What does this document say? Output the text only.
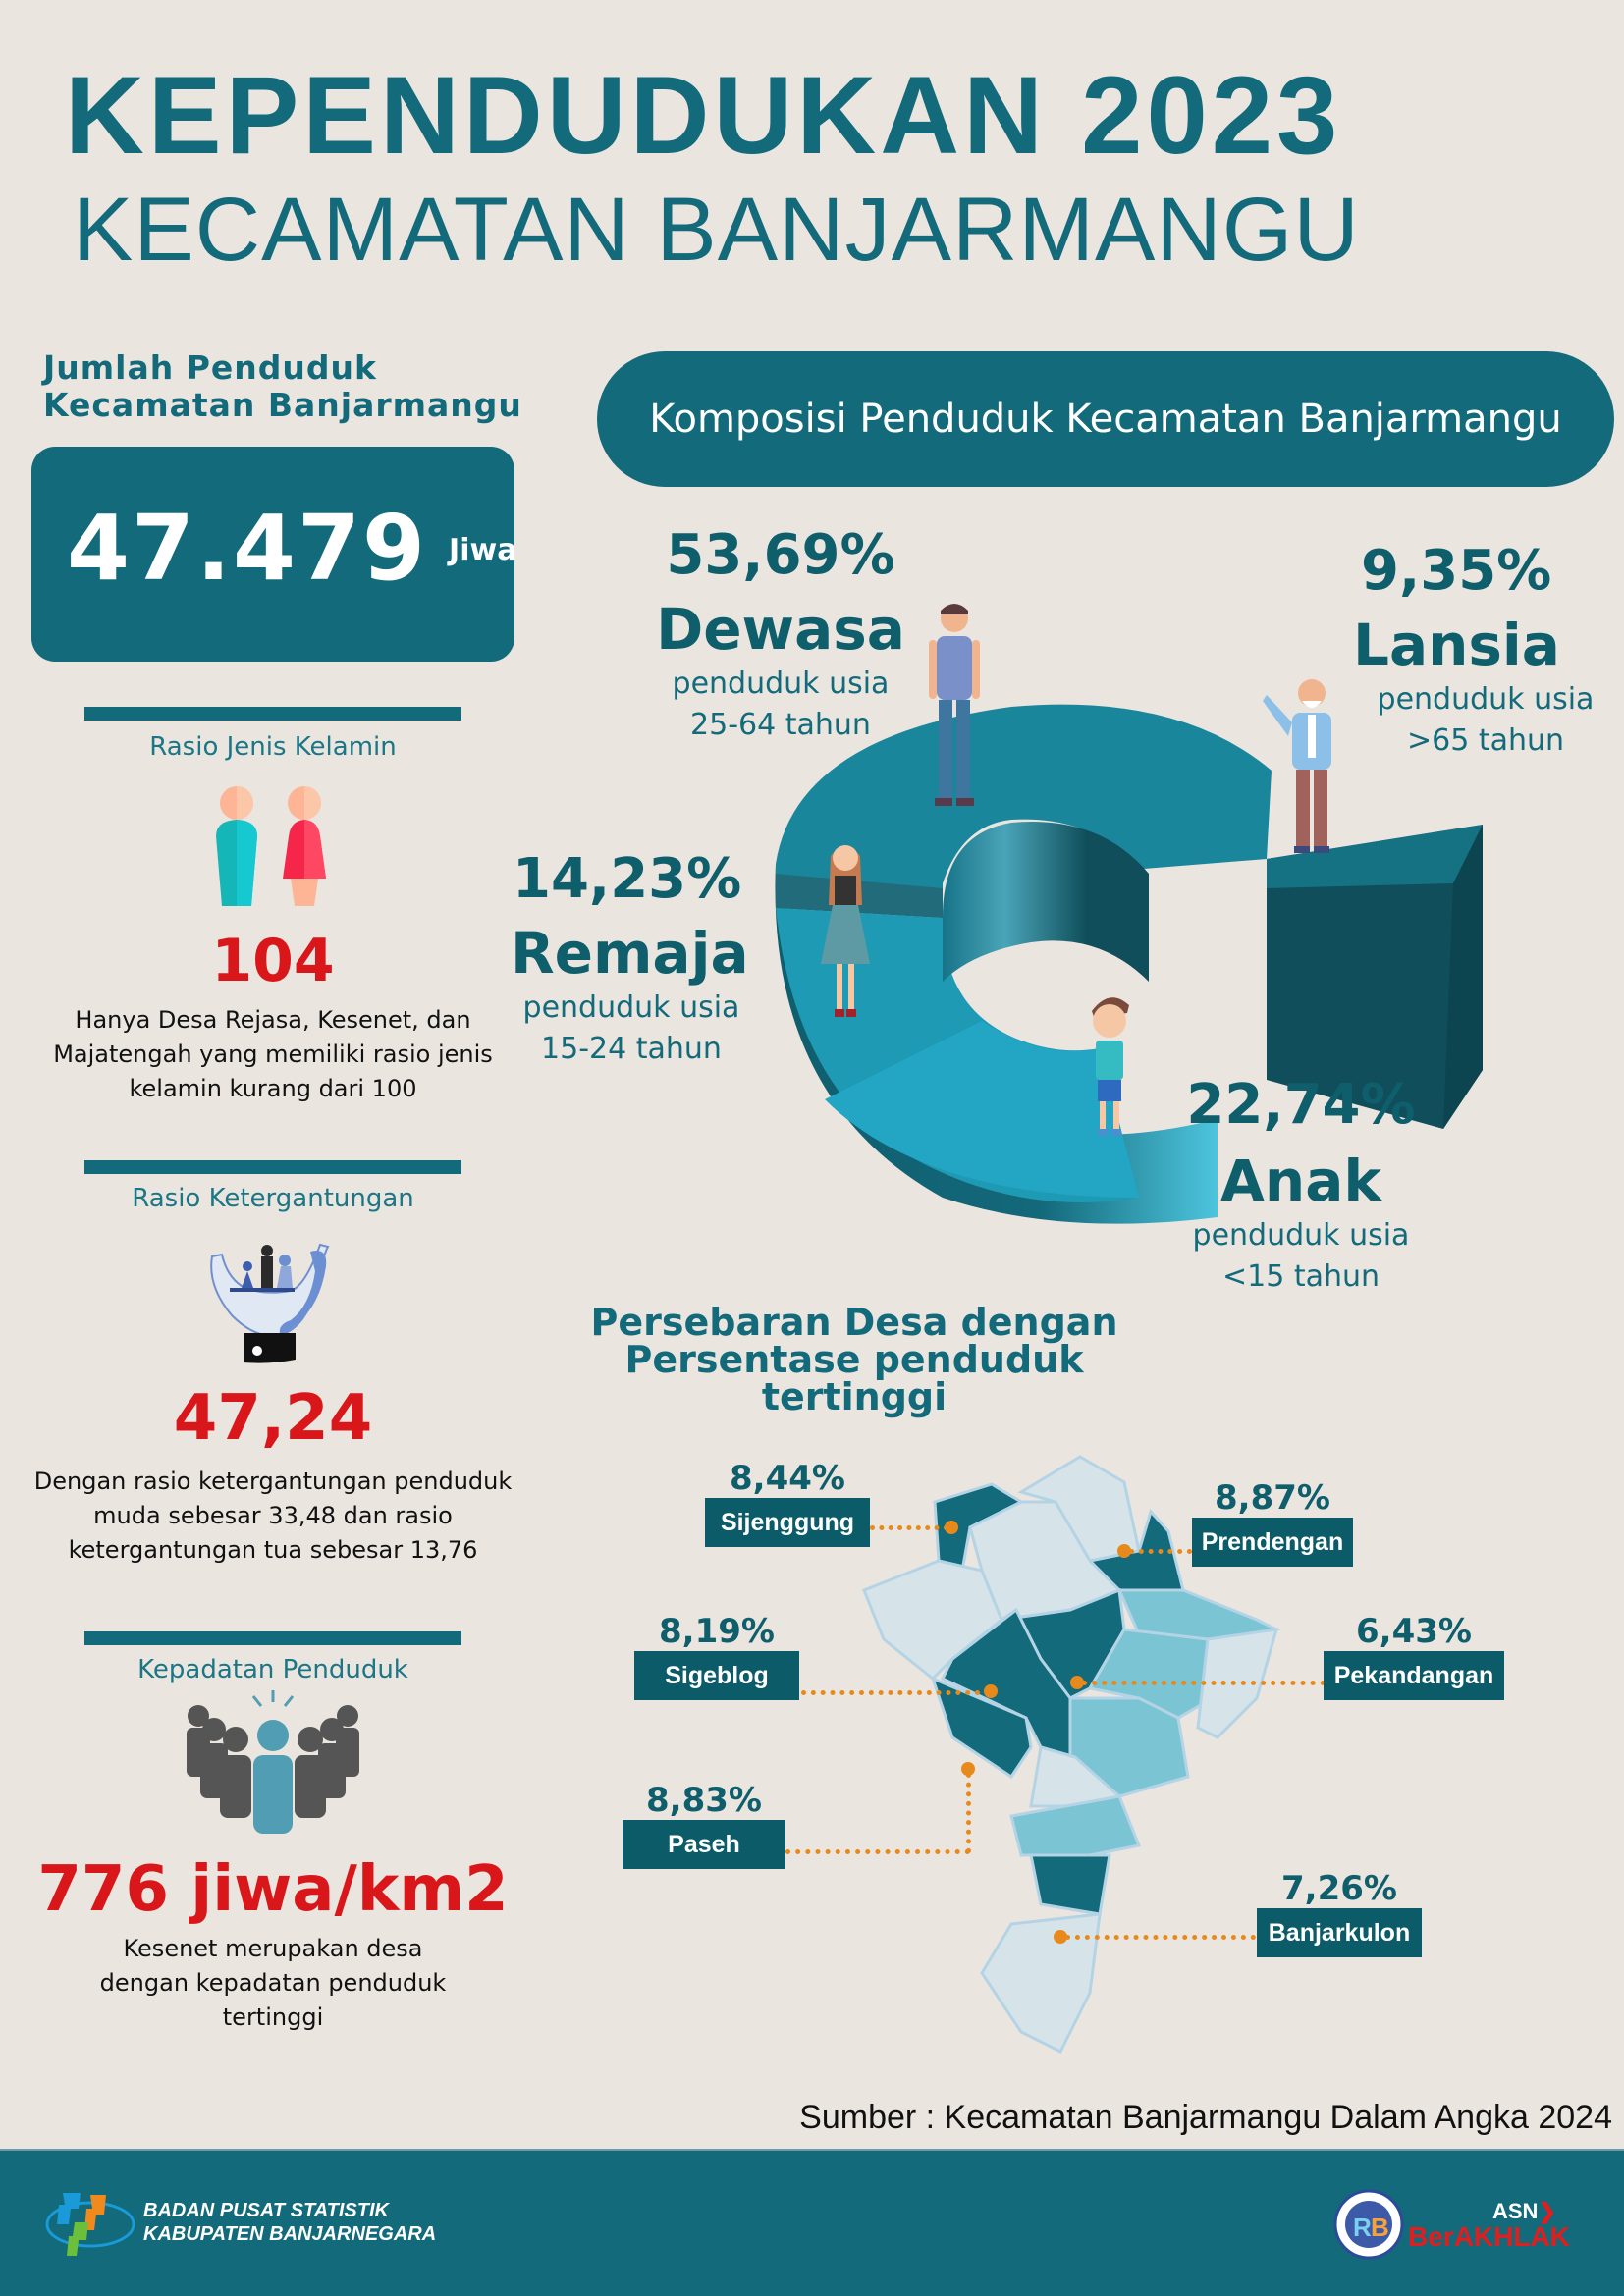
KEPENDUDUKAN 2023
KECAMATAN BANJARMANGU
Jumlah Penduduk
Kecamatan Banjarmangu
47.479 Jiwa
Rasio Jenis Kelamin
104
Hanya Desa Rejasa, Kesenet, dan Majatengah yang memiliki rasio jenis kelamin kurang dari 100
Rasio Ketergantungan
47,24
Dengan rasio ketergantungan penduduk muda sebesar 33,48 dan rasio ketergantungan tua sebesar 13,76
Kepadatan Penduduk
776 jiwa/km2
Kesenet merupakan desa dengan kepadatan penduduk tertinggi
Komposisi Penduduk Kecamatan Banjarmangu
53,69%
Dewasa
penduduk usia
25-64 tahun
9,35%
Lansia
penduduk usia
>65 tahun
14,23%
Remaja
penduduk usia
15-24 tahun
22,74%
Anak
penduduk usia
<15 tahun
Persebaran Desa dengan
Persentase penduduk
tertinggi
8,44%
Sijenggung
8,87%
Prendengan
8,19%
Sigeblog
6,43%
Pekandangan
8,83%
Paseh
7,26%
Banjarkulon
Sumber : Kecamatan Banjarmangu Dalam Angka 2024
BADAN PUSAT STATISTIK
KABUPATEN BANJARNEGARA	R B
ASN❯
BerAKHLAK
